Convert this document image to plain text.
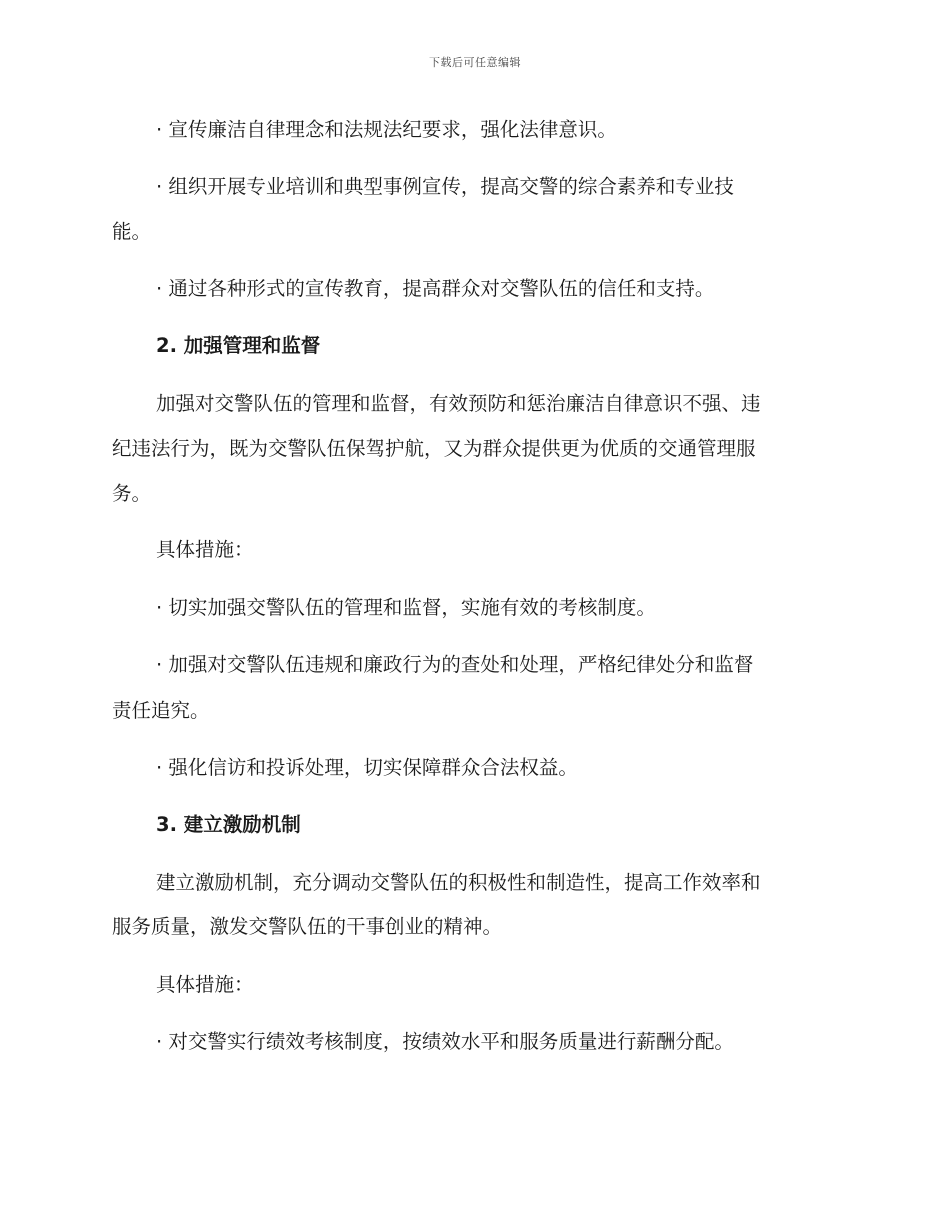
下载后可任意编辑
· 宣传廉洁自律理念和法规法纪要求，强化法律意识。
· 组织开展专业培训和典型事例宣传，提高交警的综合素养和专业技
能。
· 通过各种形式的宣传教育，提高群众对交警队伍的信任和支持。
2. 加强管理和监督
加强对交警队伍的管理和监督，有效预防和惩治廉洁自律意识不强、违
纪违法行为，既为交警队伍保驾护航，又为群众提供更为优质的交通管理服
务。
具体措施：
· 切实加强交警队伍的管理和监督，实施有效的考核制度。
· 加强对交警队伍违规和廉政行为的查处和处理，严格纪律处分和监督
责任追究。
· 强化信访和投诉处理，切实保障群众合法权益。
3. 建立激励机制
建立激励机制，充分调动交警队伍的积极性和制造性，提高工作效率和
服务质量，激发交警队伍的干事创业的精神。
具体措施：
· 对交警实行绩效考核制度，按绩效水平和服务质量进行薪酬分配。
